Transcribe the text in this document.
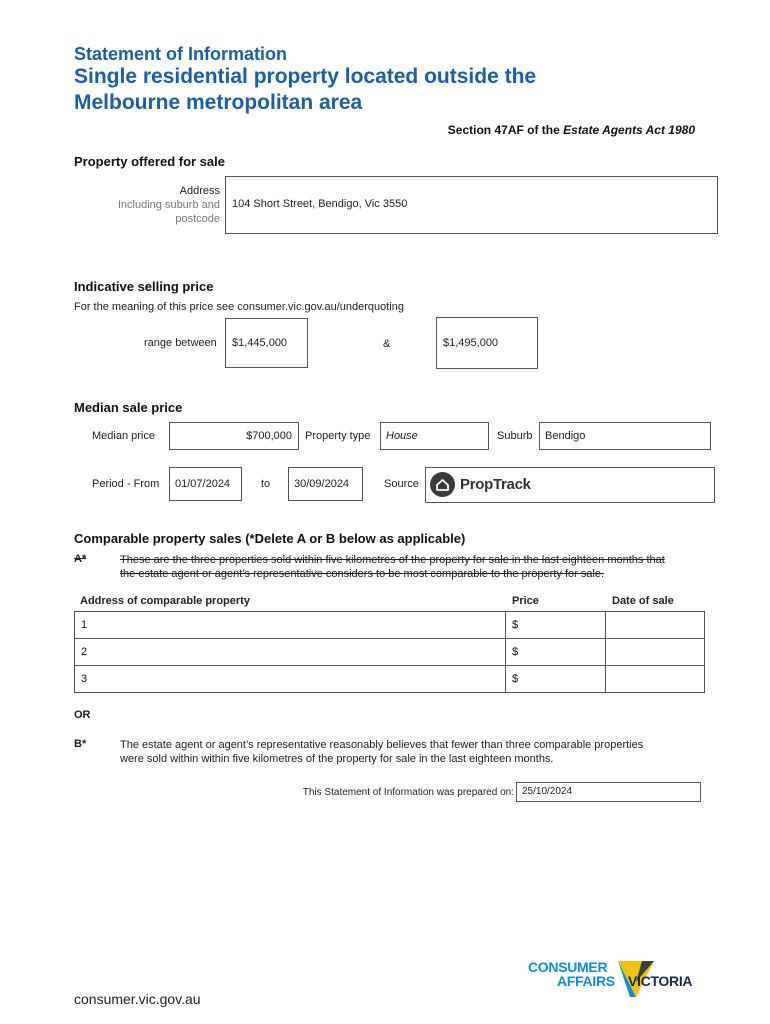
Statement of Information
Single residential property located outside the
Melbourne metropolitan area
Section 47AF of the Estate Agents Act 1980
Property offered for sale
Address
Including suburb and
postcode
104 Short Street, Bendigo, Vic 3550
Indicative selling price
For the meaning of this price see consumer.vic.gov.au/underquoting
range between $1,445,000	&	$1,495,000
Median sale price
Median price	$700,000 Property type House	Suburb Bendigo
Period - From 01/07/2024	to 30/09/2024	Source	PropTrack
Comparable property sales (*Delete A or B below as applicable)
A*	These are the three properties sold within five kilometres of the property for sale in the last eighteen months that
the estate agent or agent’s representative considers to be most comparable to the property for sale.
Address of comparable property	Price	Date of sale
1	$	
2	$	
3	$	
OR
B*	The estate agent or agent’s representative reasonably believes that fewer than three comparable properties
were sold within within five kilometres of the property for sale in the last eighteen months.
This Statement of Information was prepared on: 25/10/2024
CONSUMER
AFFAIRS VICTORIA
consumer.vic.gov.au
